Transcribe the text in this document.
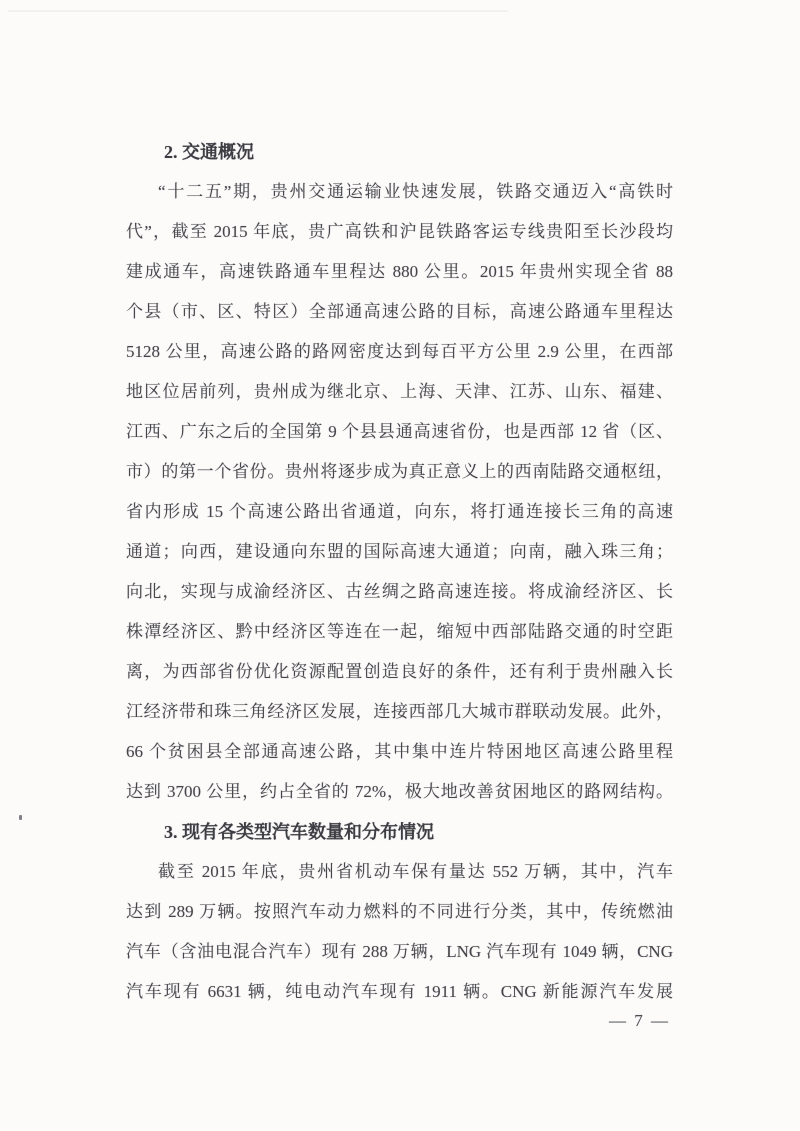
2. 交通概况
“十二五”期，贵州交通运输业快速发展，铁路交通迈入“高铁时
代”，截至 2015 年底，贵广高铁和沪昆铁路客运专线贵阳至长沙段均
建成通车，高速铁路通车里程达 880 公里。2015 年贵州实现全省 88
个县（市、区、特区）全部通高速公路的目标，高速公路通车里程达
5128 公里，高速公路的路网密度达到每百平方公里 2.9 公里，在西部
地区位居前列，贵州成为继北京、上海、天津、江苏、山东、福建、
江西、广东之后的全国第 9 个县县通高速省份，也是西部 12 省（区、
市）的第一个省份。贵州将逐步成为真正意义上的西南陆路交通枢纽，
省内形成 15 个高速公路出省通道，向东，将打通连接长三角的高速
通道；向西，建设通向东盟的国际高速大通道；向南，融入珠三角；
向北，实现与成渝经济区、古丝绸之路高速连接。将成渝经济区、长
株潭经济区、黔中经济区等连在一起，缩短中西部陆路交通的时空距
离，为西部省份优化资源配置创造良好的条件，还有利于贵州融入长
江经济带和珠三角经济区发展，连接西部几大城市群联动发展。此外，
66 个贫困县全部通高速公路，其中集中连片特困地区高速公路里程
达到 3700 公里，约占全省的 72%，极大地改善贫困地区的路网结构。
3. 现有各类型汽车数量和分布情况
截至 2015 年底，贵州省机动车保有量达 552 万辆，其中，汽车
达到 289 万辆。按照汽车动力燃料的不同进行分类，其中，传统燃油
汽车（含油电混合汽车）现有 288 万辆，LNG 汽车现有 1049 辆，CNG
汽车现有 6631 辆，纯电动汽车现有 1911 辆。CNG 新能源汽车发展
— 7 —
